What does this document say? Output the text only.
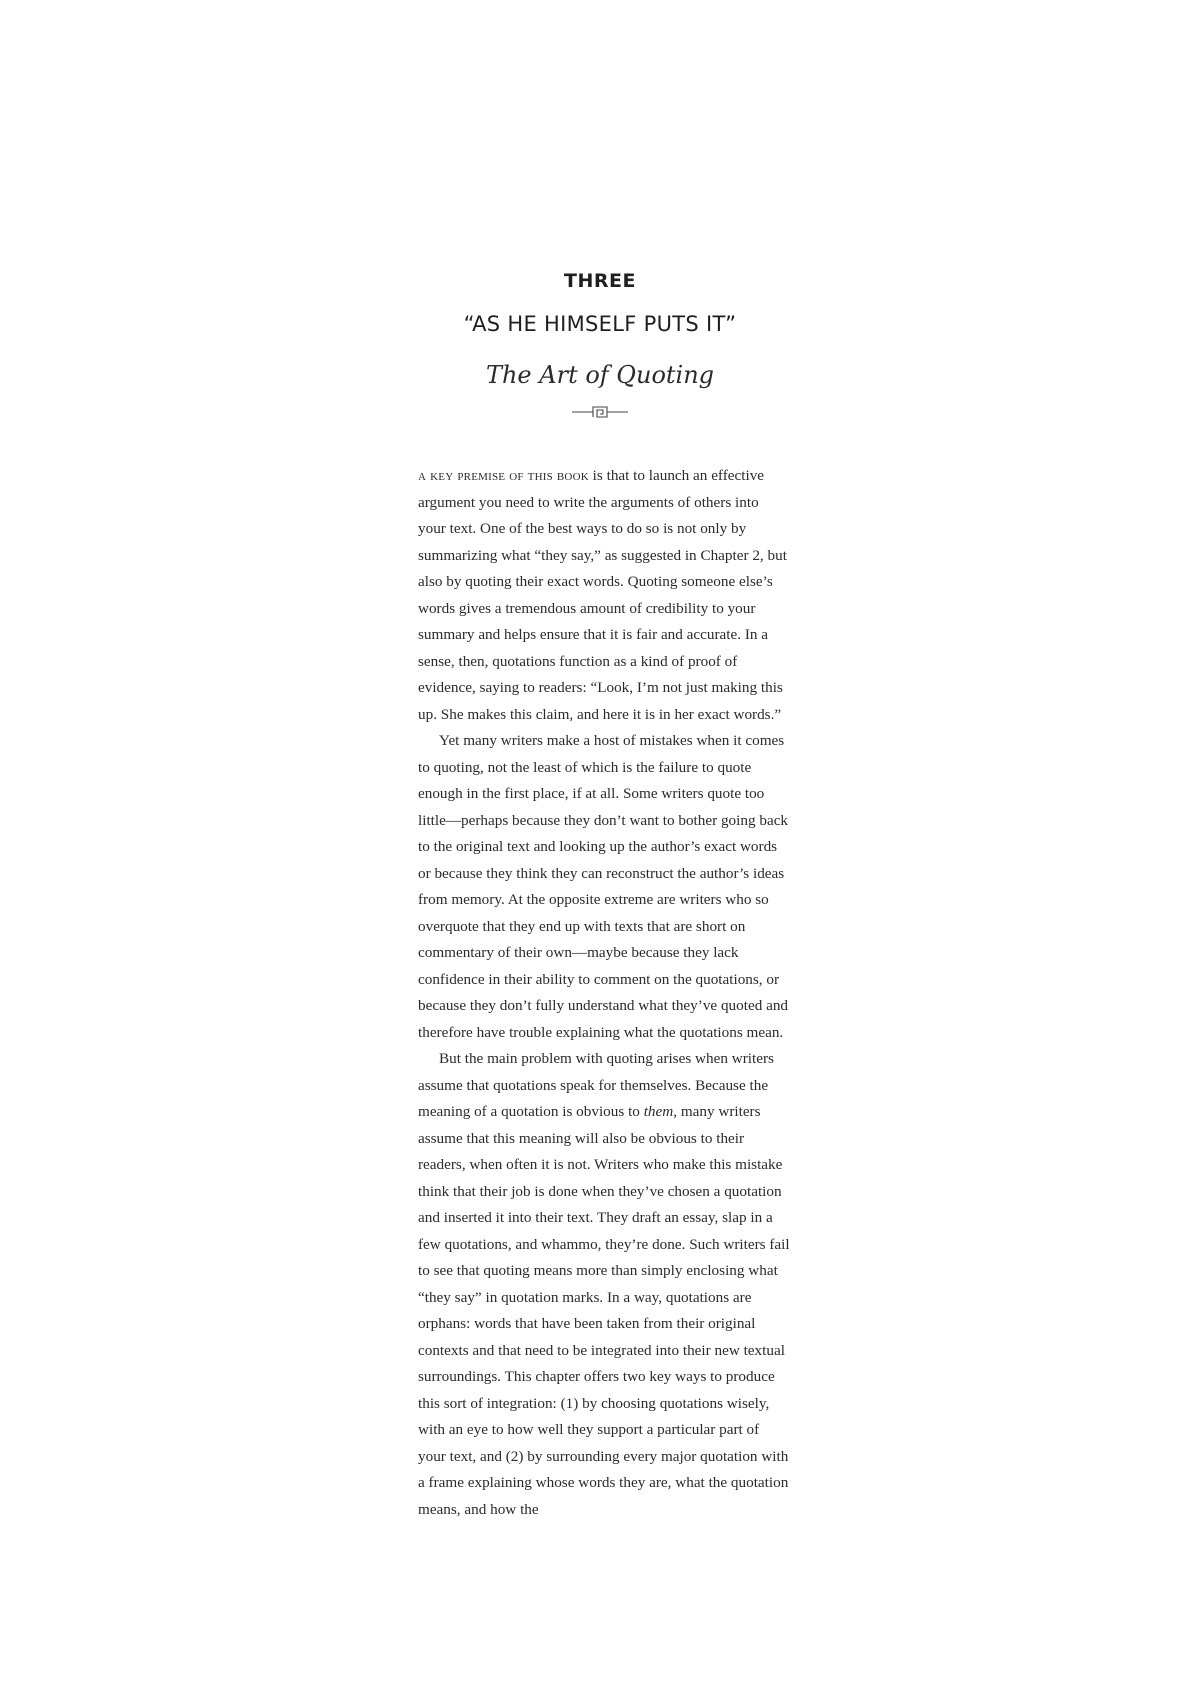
THREE
“AS HE HIMSELF PUTS IT”
The Art of Quoting

a key premise of this book is that to launch an effective argument you need to write the arguments of others into your text. One of the best ways to do so is not only by summarizing what “they say,” as suggested in Chapter 2, but also by quoting their exact words. Quoting someone else’s words gives a tremendous amount of credibility to your summary and helps ensure that it is fair and accurate. In a sense, then, quotations function as a kind of proof of evidence, saying to readers: “Look, I’m not just making this up. She makes this claim, and here it is in her exact words.”

Yet many writers make a host of mistakes when it comes to quoting, not the least of which is the failure to quote enough in the first place, if at all. Some writers quote too little—perhaps because they don’t want to bother going back to the original text and looking up the author’s exact words or because they think they can reconstruct the author’s ideas from memory. At the opposite extreme are writers who so overquote that they end up with texts that are short on commentary of their own—maybe because they lack confidence in their ability to comment on the quotations, or because they don’t fully understand what they’ve quoted and therefore have trouble explaining what the quotations mean.

But the main problem with quoting arises when writers assume that quotations speak for themselves. Because the meaning of a quotation is obvious to them, many writers assume that this meaning will also be obvious to their readers, when often it is not. Writers who make this mistake think that their job is done when they’ve chosen a quotation and inserted it into their text. They draft an essay, slap in a few quotations, and whammo, they’re done. Such writers fail to see that quoting means more than simply enclosing what “they say” in quotation marks. In a way, quotations are orphans: words that have been taken from their original contexts and that need to be integrated into their new textual surroundings. This chapter offers two key ways to produce this sort of integration: (1) by choosing quotations wisely, with an eye to how well they support a particular part of your text, and (2) by surrounding every major quotation with a frame explaining whose words they are, what the quotation means, and how the
